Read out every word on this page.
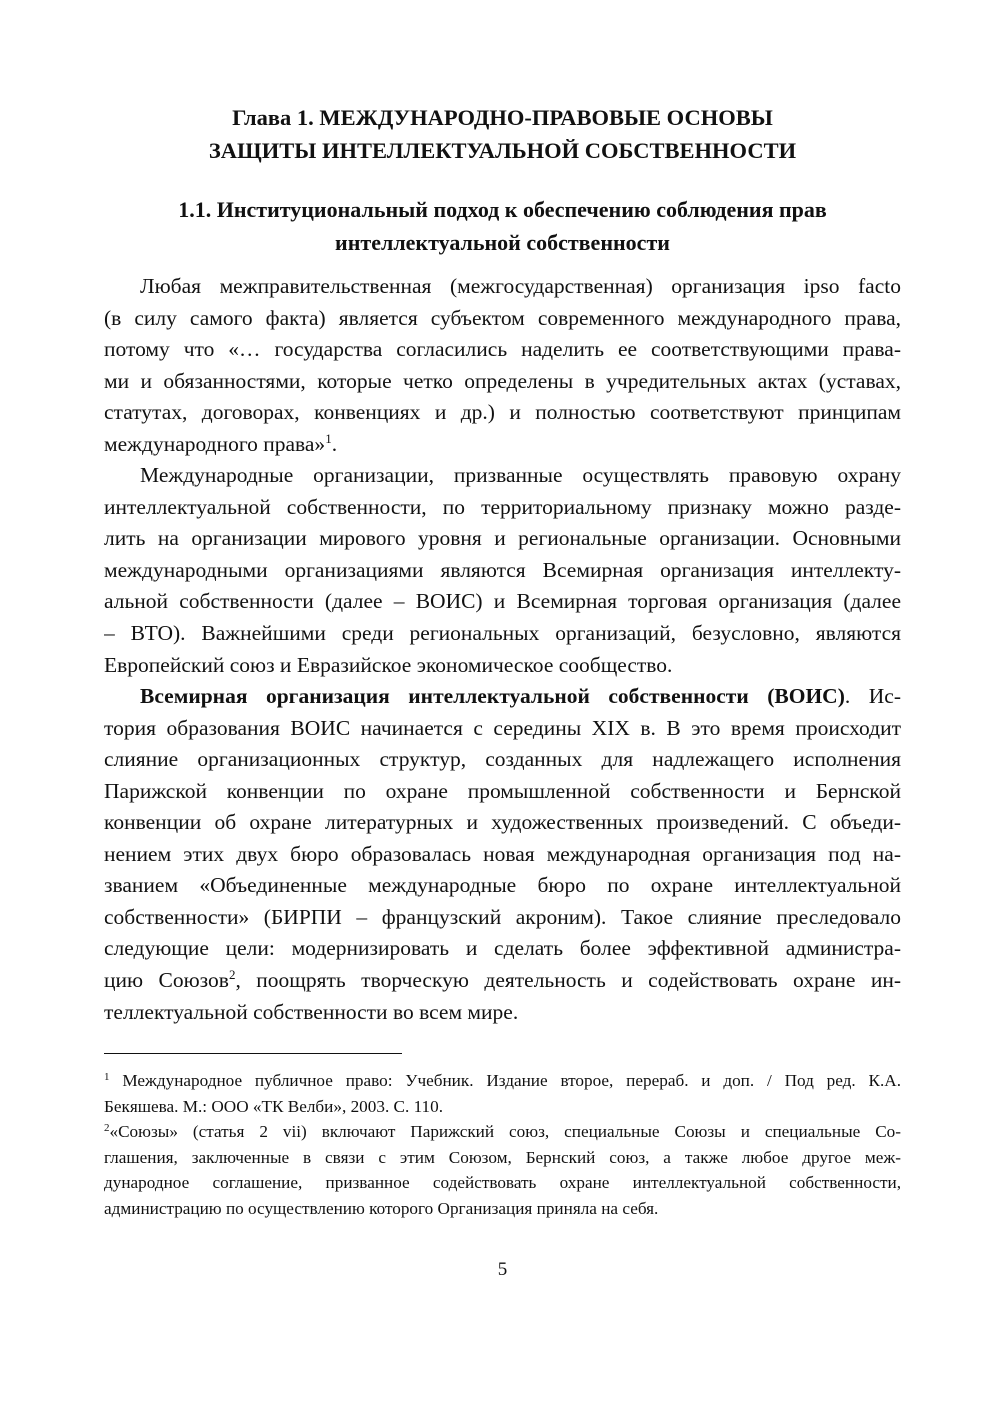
Глава 1. МЕЖДУНАРОДНО-ПРАВОВЫЕ ОСНОВЫ
ЗАЩИТЫ ИНТЕЛЛЕКТУАЛЬНОЙ СОБСТВЕННОСТИ
1.1. Институциональный подход к обеспечению соблюдения прав
интеллектуальной собственности
Любая межправительственная (межгосударственная) организация ipso facto
(в силу самого факта) является субъектом современного международного права,
потому что «… государства согласились наделить ее соответствующими права-
ми и обязанностями, которые четко определены в учредительных актах (уставах,
статутах, договорах, конвенциях и др.) и полностью соответствуют принципам
международного права»$^1$.
Международные организации, призванные осуществлять правовую охрану
интеллектуальной собственности, по территориальному признаку можно разде-
лить на организации мирового уровня и региональные организации. Основными
международными организациями являются Всемирная организация интеллекту-
альной собственности (далее – ВОИС) и Всемирная торговая организация (далее
– ВТО). Важнейшими среди региональных организаций, безусловно, являются
Европейский союз и Евразийское экономическое сообщество.
Всемирная организация интеллектуальной собственности (ВОИС). Ис-
тория образования ВОИС начинается с середины XIX в. В это время происходит
слияние организационных структур, созданных для надлежащего исполнения
Парижской конвенции по охране промышленной собственности и Бернской
конвенции об охране литературных и художественных произведений. С объеди-
нением этих двух бюро образовалась новая международная организация под на-
званием «Объединенные международные бюро по охране интеллектуальной
собственности» (БИРПИ – французский акроним). Такое слияние преследовало
следующие цели: модернизировать и сделать более эффективной администра-
цию Союзов$^2$, поощрять творческую деятельность и содействовать охране ин-
теллектуальной собственности во всем мире.
$^1$ Международное публичное право: Учебник. Издание второе, перераб. и доп. / Под ред. К.А.
Бекяшева. М.: ООО «ТК Велби», 2003. С. 110.
$^2$«Союзы» (статья 2 vii) включают Парижский союз, специальные Союзы и специальные Со-
глашения, заключенные в связи с этим Союзом, Бернский союз, а также любое другое меж-
дународное соглашение, призванное содействовать охране интеллектуальной собственности,
администрацию по осуществлению которого Организация приняла на себя.
5
